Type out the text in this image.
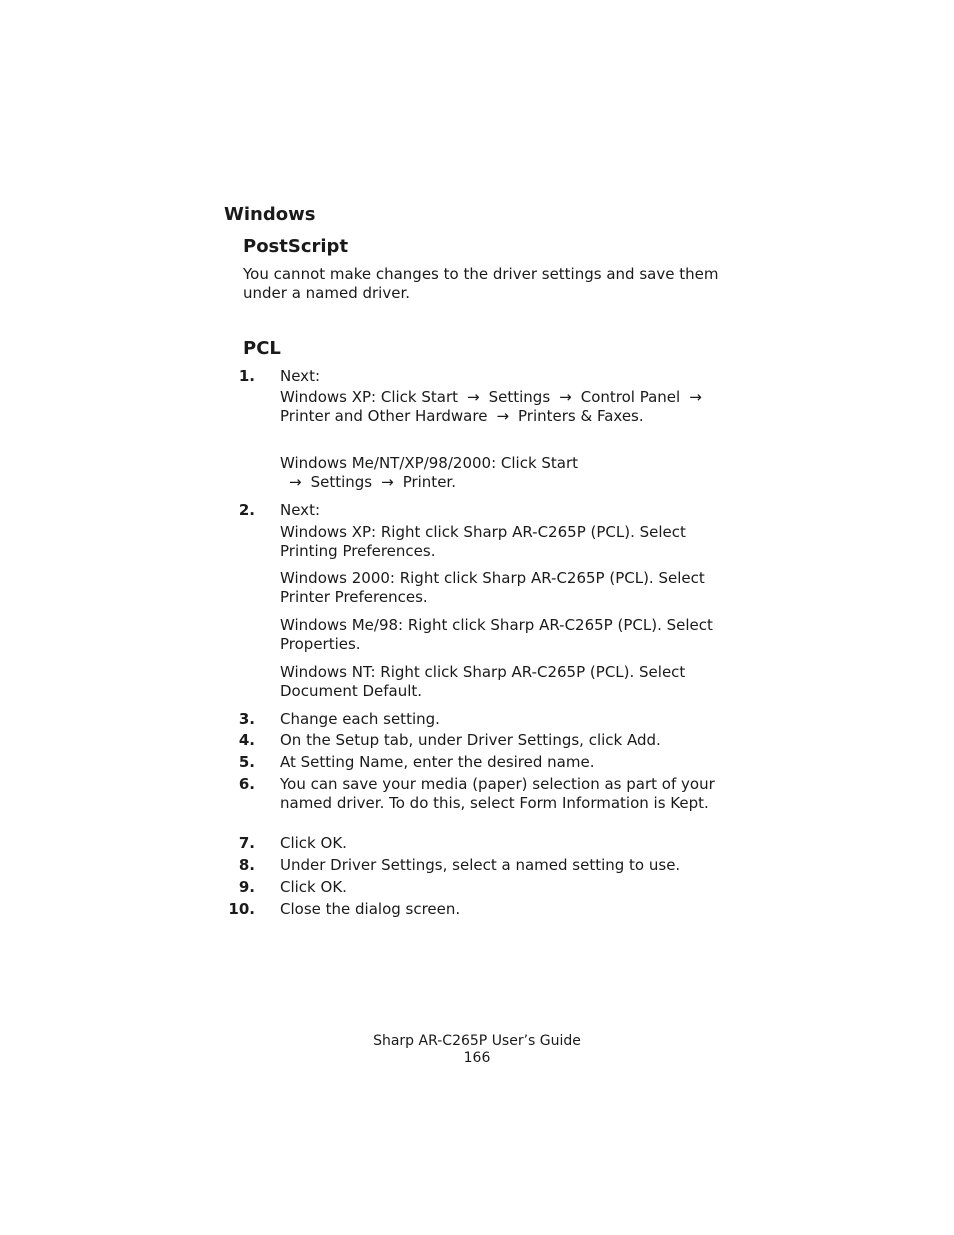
Windows
PostScript
You cannot make changes to the driver settings and save them under a named driver.
PCL
1. Next:
Windows XP: Click Start → Settings → Control Panel →Printer and Other Hardware → Printers & Faxes.
Windows Me/NT/XP/98/2000: Click Start→ Settings → Printer.
2. Next:
Windows XP: Right click Sharp AR-C265P (PCL). Select Printing Preferences.
Windows 2000: Right click Sharp AR-C265P (PCL). Select Printer Preferences.
Windows Me/98: Right click Sharp AR-C265P (PCL). Select Properties.
Windows NT: Right click Sharp AR-C265P (PCL). Select Document Default.
3. Change each setting.
4. On the Setup tab, under Driver Settings, click Add.
5. At Setting Name, enter the desired name.
6. You can save your media (paper) selection as part of your named driver. To do this, select Form Information is Kept.
7. Click OK.
8. Under Driver Settings, select a named setting to use.
9. Click OK.
10. Close the dialog screen.
Sharp AR-C265P User’s Guide
166
